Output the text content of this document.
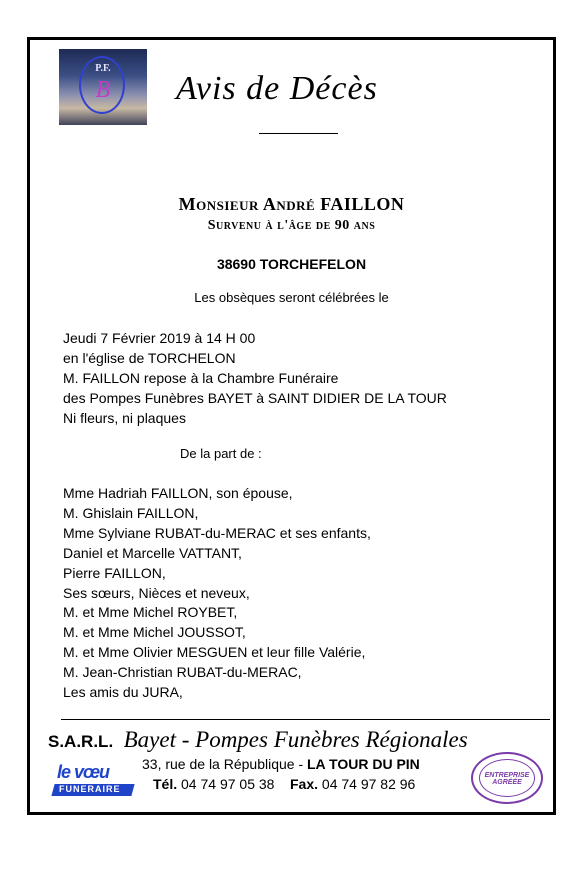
P.F.
B	Avis de Décès
Monsieur André FAILLON
Survenu à l'âge de 90 ans
38690 TORCHEFELON
Les obsèques seront célébrées le
Jeudi 7 Février 2019 à 14 H 00
en l'église de TORCHELON
M. FAILLON repose à la Chambre Funéraire
des Pompes Funèbres BAYET à SAINT DIDIER DE LA TOUR
Ni fleurs, ni plaques
De la part de :
Mme Hadriah FAILLON, son épouse,
M. Ghislain FAILLON,
Mme Sylviane RUBAT-du-MERAC et ses enfants,
Daniel et Marcelle VATTANT,
Pierre FAILLON,
Ses sœurs, Nièces et neveux,
M. et Mme Michel ROYBET,
M. et Mme Michel JOUSSOT,
M. et Mme Olivier MESGUEN et leur fille Valérie,
M. Jean-Christian RUBAT-du-MERAC,
Les amis du JURA,
S.A.R.L. Bayet - Pompes Funèbres Régionales
le vœu
FUNERAIRE
33, rue de la République - LA TOUR DU PIN
Tél. 04 74 97 05 38 Fax. 04 74 97 82 96
ENTREPRISE AGRÉÉE
